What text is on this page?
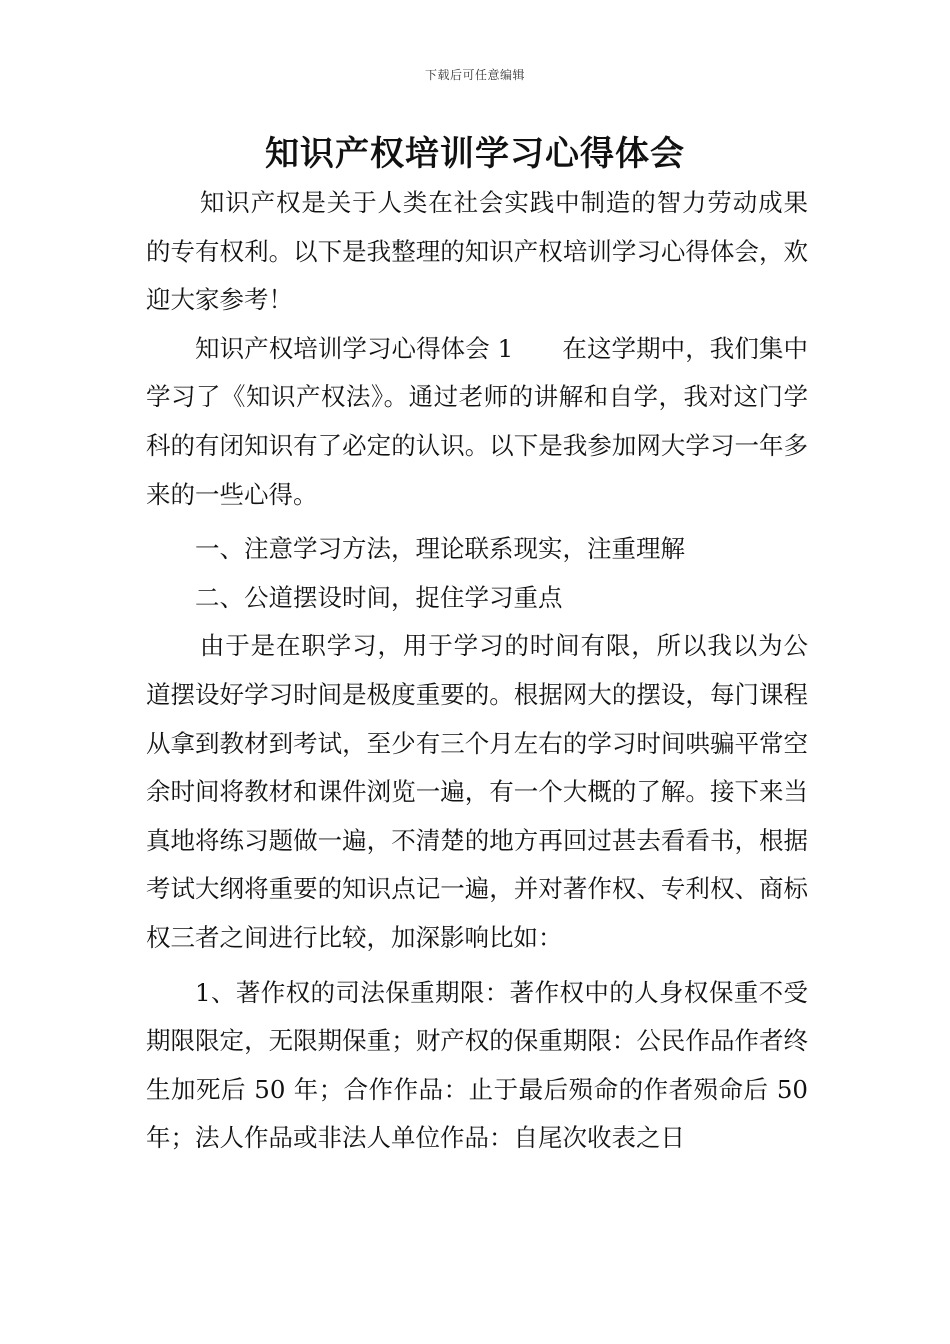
下载后可任意编辑
知识产权培训学习心得体会

知识产权是关于人类在社会实践中制造的智力劳动成果的专有权利。以下是我整理的知识产权培训学习心得体会，欢迎大家参考！

知识产权培训学习心得体会 1　　在这学期中，我们集中学习了《知识产权法》。通过老师的讲解和自学，我对这门学科的有闭知识有了必定的认识。以下是我参加网大学习一年多来的一些心得。

一、注意学习方法，理论联系现实，注重理解

二、公道摆设时间，捉住学习重点

由于是在职学习，用于学习的时间有限，所以我以为公道摆设好学习时间是极度重要的。根据网大的摆设，每门课程从拿到教材到考试，至少有三个月左右的学习时间哄骗平常空余时间将教材和课件浏览一遍，有一个大概的了解。接下来当真地将练习题做一遍，不清楚的地方再回过甚去看看书，根据考试大纲将重要的知识点记一遍，并对著作权、专利权、商标权三者之间进行比较，加深影响比如：

1、著作权的司法保重期限：著作权中的人身权保重不受期限限定，无限期保重；财产权的保重期限：公民作品作者终生加死后 50 年；合作作品：止于最后殒命的作者殒命后 50 年；法人作品或非法人单位作品：自尾次收表之日
